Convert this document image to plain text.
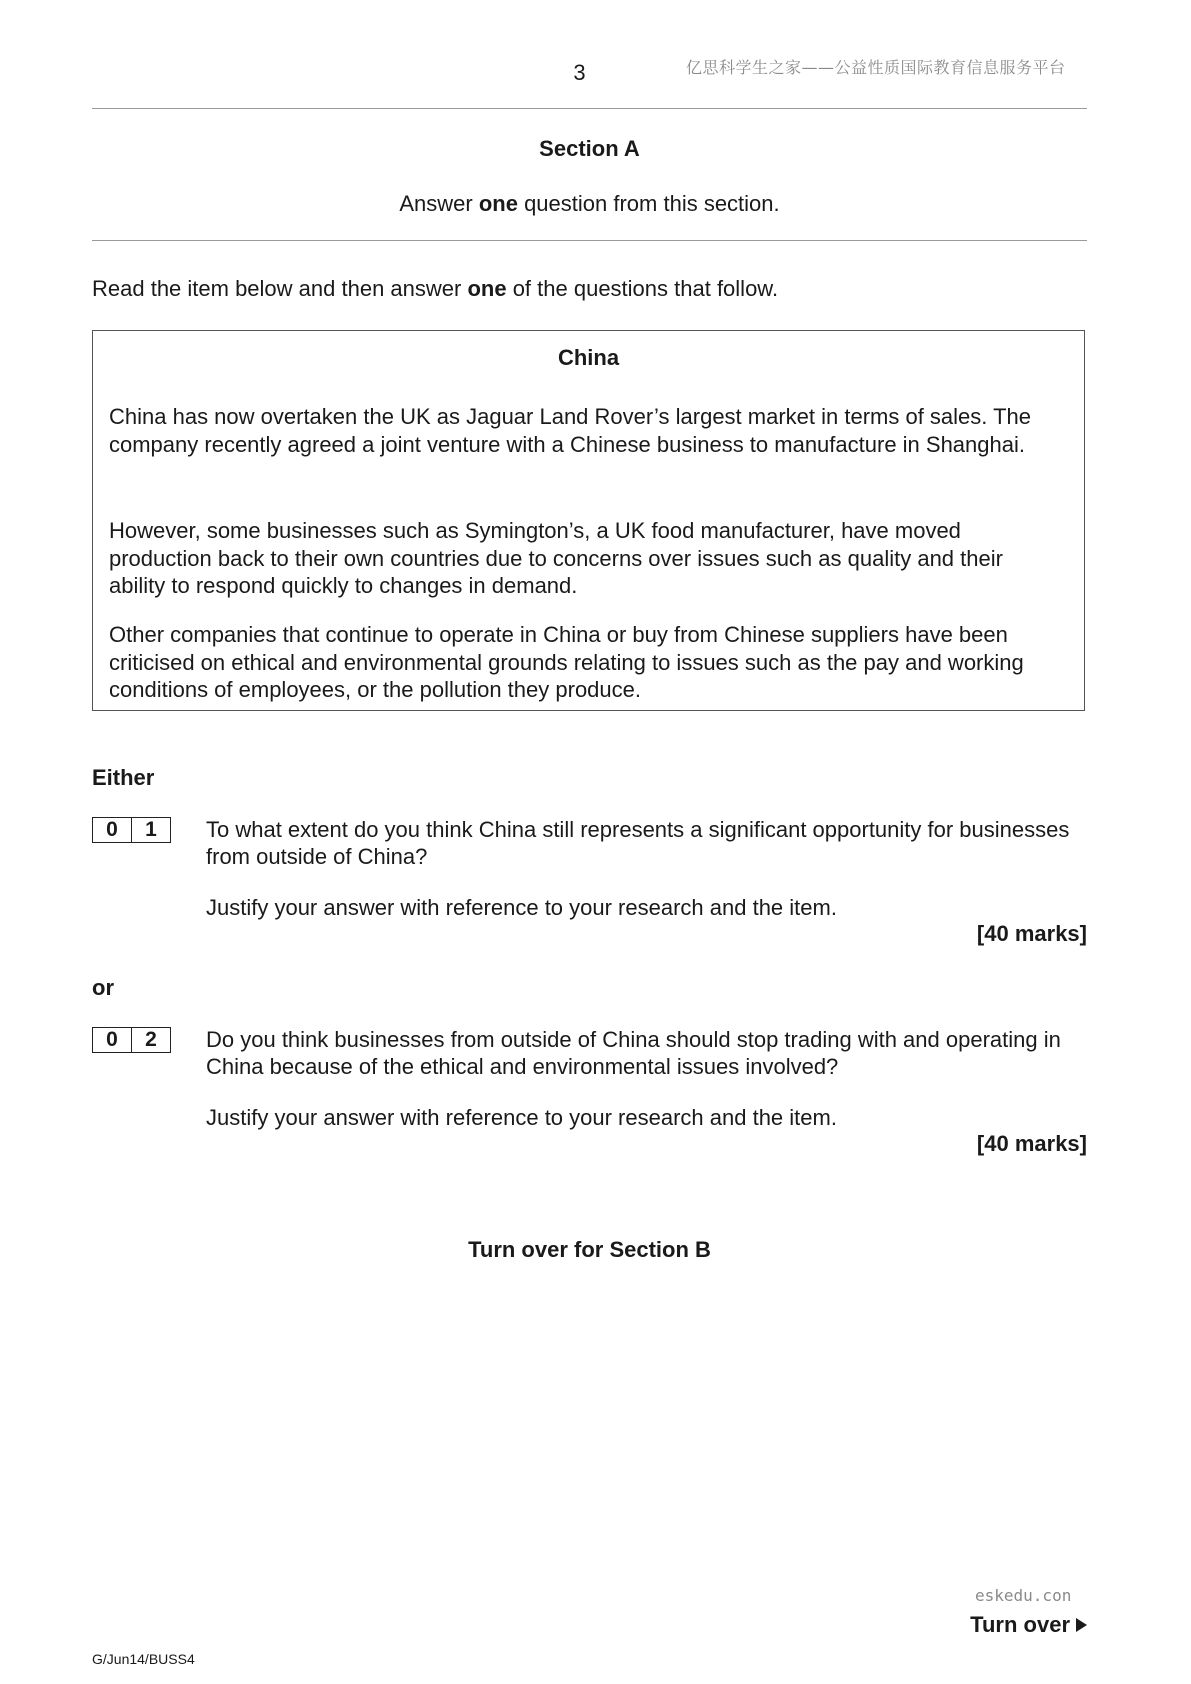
3	亿思科学生之家——公益性质国际教育信息服务平台
Section A
Answer one question from this section.
Read the item below and then answer one of the questions that follow.
China

China has now overtaken the UK as Jaguar Land Rover’s largest market in terms of sales. The company recently agreed a joint venture with a Chinese business to manufacture in Shanghai.

However, some businesses such as Symington’s, a UK food manufacturer, have moved production back to their own countries due to concerns over issues such as quality and their ability to respond quickly to changes in demand.

Other companies that continue to operate in China or buy from Chinese suppliers have been criticised on ethical and environmental grounds relating to issues such as the pay and working conditions of employees, or the pollution they produce.

Either
0	1	To what extent do you think China still represents a significant opportunity for businesses from outside of China?

Justify your answer with reference to your research and the item.

[40 marks]
or
0	2	Do you think businesses from outside of China should stop trading with and operating in China because of the ethical and environmental issues involved?

Justify your answer with reference to your research and the item.

[40 marks]
Turn over for Section B
eskedu.con
Turn over
G/Jun14/BUSS4
